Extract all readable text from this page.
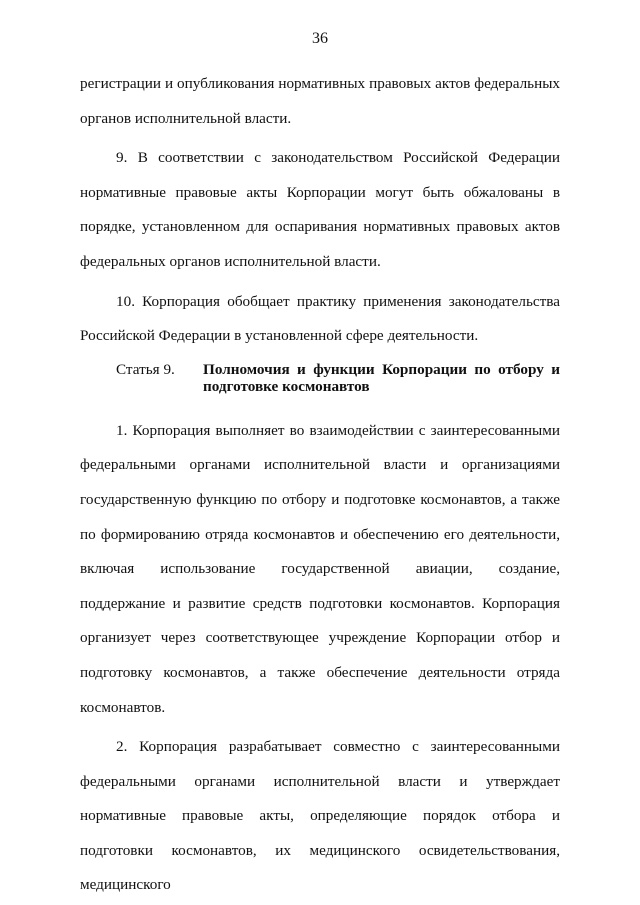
36

регистрации и опубликования нормативных правовых актов федеральных органов исполнительной власти.

9. В соответствии с законодательством Российской Федерации нормативные правовые акты Корпорации могут быть обжалованы в порядке, установленном для оспаривания нормативных правовых актов федеральных органов исполнительной власти.

10. Корпорация обобщает практику применения законодательства Российской Федерации в установленной сфере деятельности.

Статья 9.	Полномочия и функции Корпорации по отбору и подготовке космонавтов

1. Корпорация выполняет во взаимодействии с заинтересованными федеральными органами исполнительной власти и организациями государственную функцию по отбору и подготовке космонавтов, а также по формированию отряда космонавтов и обеспечению его деятельности, включая использование государственной авиации, создание, поддержание и развитие средств подготовки космонавтов. Корпорация организует через соответствующее учреждение Корпорации отбор и подготовку космонавтов, а также обеспечение деятельности отряда космонавтов.

2. Корпорация разрабатывает совместно с заинтересованными федеральными органами исполнительной власти и утверждает нормативные правовые акты, определяющие порядок отбора и подготовки космонавтов, их медицинского освидетельствования, медицинского
